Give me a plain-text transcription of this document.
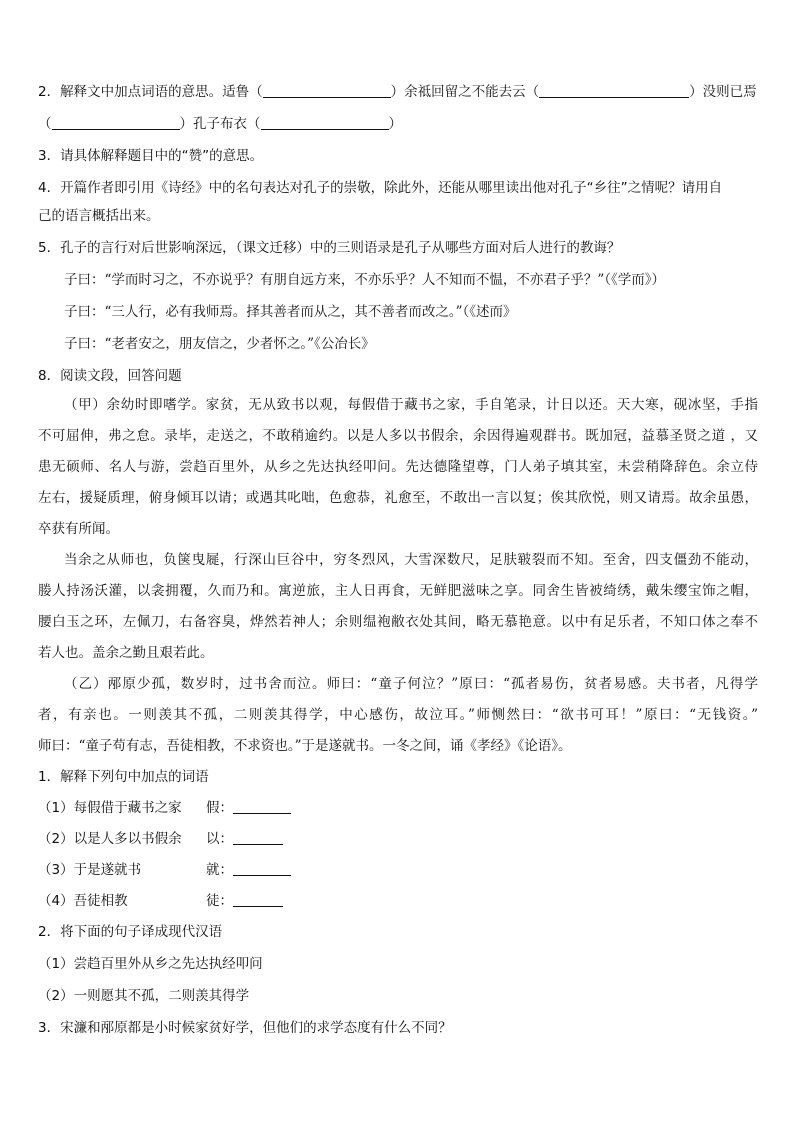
2．解释文中加点词语的意思。适鲁（	）余祗回留之不能去云（	）没则已焉
（	）孔子布衣（	）
3．请具体解释题目中的“赞”的意思。
4．开篇作者即引用《诗经》中的名句表达对孔子的崇敬，除此外，还能从哪里读出他对孔子“乡往”之情呢？请用自
己的语言概括出来。
5．孔子的言行对后世影响深远，（课文迁移）中的三则语录是孔子从哪些方面对后人进行的教诲？
子曰：“学而时习之，不亦说乎？有朋自远方来，不亦乐乎？人不知而不愠，不亦君子乎？”（《学而》）
子曰：“三人行，必有我师焉。择其善者而从之，其不善者而改之。”（《述而》
子曰：“老者安之，朋友信之，少者怀之。”《公冶长》
8．阅读文段，回答问题
（甲）余幼时即嗜学。家贫，无从致书以观，每假借于藏书之家，手自笔录，计日以还。天大寒，砚冰坚，手指
不可屈伸，弗之怠。录毕，走送之，不敢稍逾约。以是人多以书假余，余因得遍观群书。既加冠，益慕圣贤之道 ，又
患无硕师、名人与游，尝趋百里外，从乡之先达执经叩问。先达德隆望尊，门人弟子填其室，未尝稍降辞色。余立侍
左右，援疑质理，俯身倾耳以请；或遇其叱咄，色愈恭，礼愈至，不敢出一言以复；俟其欣悦，则又请焉。故余虽愚，
卒获有所闻。
当余之从师也，负箧曳屣，行深山巨谷中，穷冬烈风，大雪深数尺，足肤皲裂而不知。至舍，四支僵劲不能动，
媵人持汤沃灌，以衾拥覆，久而乃和。寓逆旅，主人日再食，无鲜肥滋味之享。同舍生皆被绮绣，戴朱缨宝饰之帽，
腰白玉之环，左佩刀，右备容臭，烨然若神人；余则缊袍敝衣处其间，略无慕艳意。以中有足乐者，不知口体之奉不
若人也。盖余之勤且艰若此。
（乙）邴原少孤，数岁时，过书舍而泣。师曰：“童子何泣？”原曰：“孤者易伤，贫者易感。夫书者，凡得学
者，有亲也。一则羡其不孤，二则羡其得学，中心感伤，故泣耳。”师恻然曰：“欲书可耳！”原曰：“无钱资。”
师曰：“童子苟有志，吾徒相教，不求资也。”于是遂就书。一冬之间，诵《孝经》《论语》。
1．解释下列句中加点的词语
（1）每假借于藏书之家 假：
（2）以是人多以书假余 以：
（3）于是遂就书	就：
（4）吾徒相教	徒：
2．将下面的句子译成现代汉语
（1）尝趋百里外从乡之先达执经叩问
（2）一则愿其不孤，二则羡其得学
3．宋濂和邴原都是小时候家贫好学，但他们的求学态度有什么不同？
